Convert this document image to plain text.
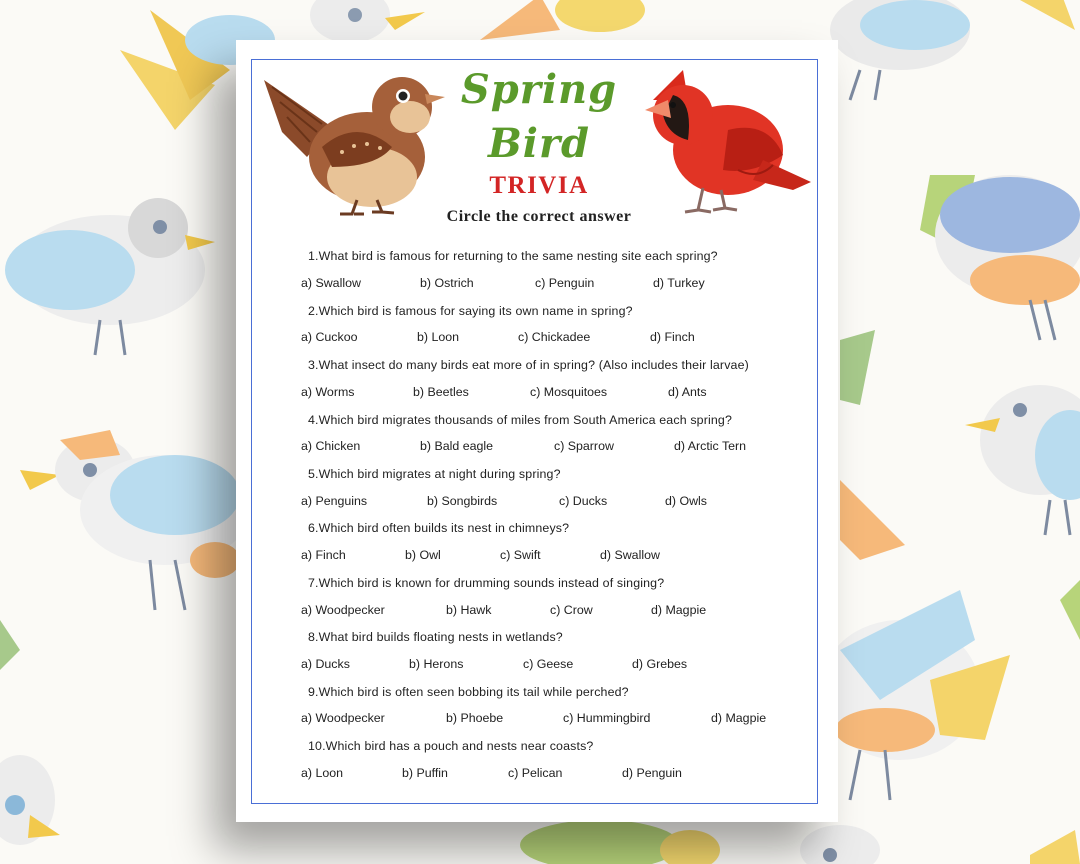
Spring
Bird
TRIVIA
Circle the correct answer
1.What bird is famous for returning to the same nesting site each spring?
a) Swallow	b) Ostrich	c) Penguin	d) Turkey
2.Which bird is famous for saying its own name in spring?
a) Cuckoo	b) Loon	c) Chickadee	d) Finch
3.What insect do many birds eat more of in spring? (Also includes their larvae)
a) Worms	b) Beetles	c) Mosquitoes	d) Ants
4.Which bird migrates thousands of miles from South America each spring?
a) Chicken	b) Bald eagle	c) Sparrow	d) Arctic Tern
5.Which bird migrates at night during spring?
a) Penguins	b) Songbirds	c) Ducks	d) Owls
6.Which bird often builds its nest in chimneys?
a) Finch	b) Owl	c) Swift	d) Swallow
7.Which bird is known for drumming sounds instead of singing?
a) Woodpecker	b) Hawk	c) Crow	d) Magpie
8.What bird builds floating nests in wetlands?
a) Ducks	b) Herons	c) Geese	d) Grebes
9.Which bird is often seen bobbing its tail while perched?
a) Woodpecker	b) Phoebe	c) Hummingbird	d) Magpie
10.Which bird has a pouch and nests near coasts?
a) Loon	b) Puffin	c) Pelican	d) Penguin
